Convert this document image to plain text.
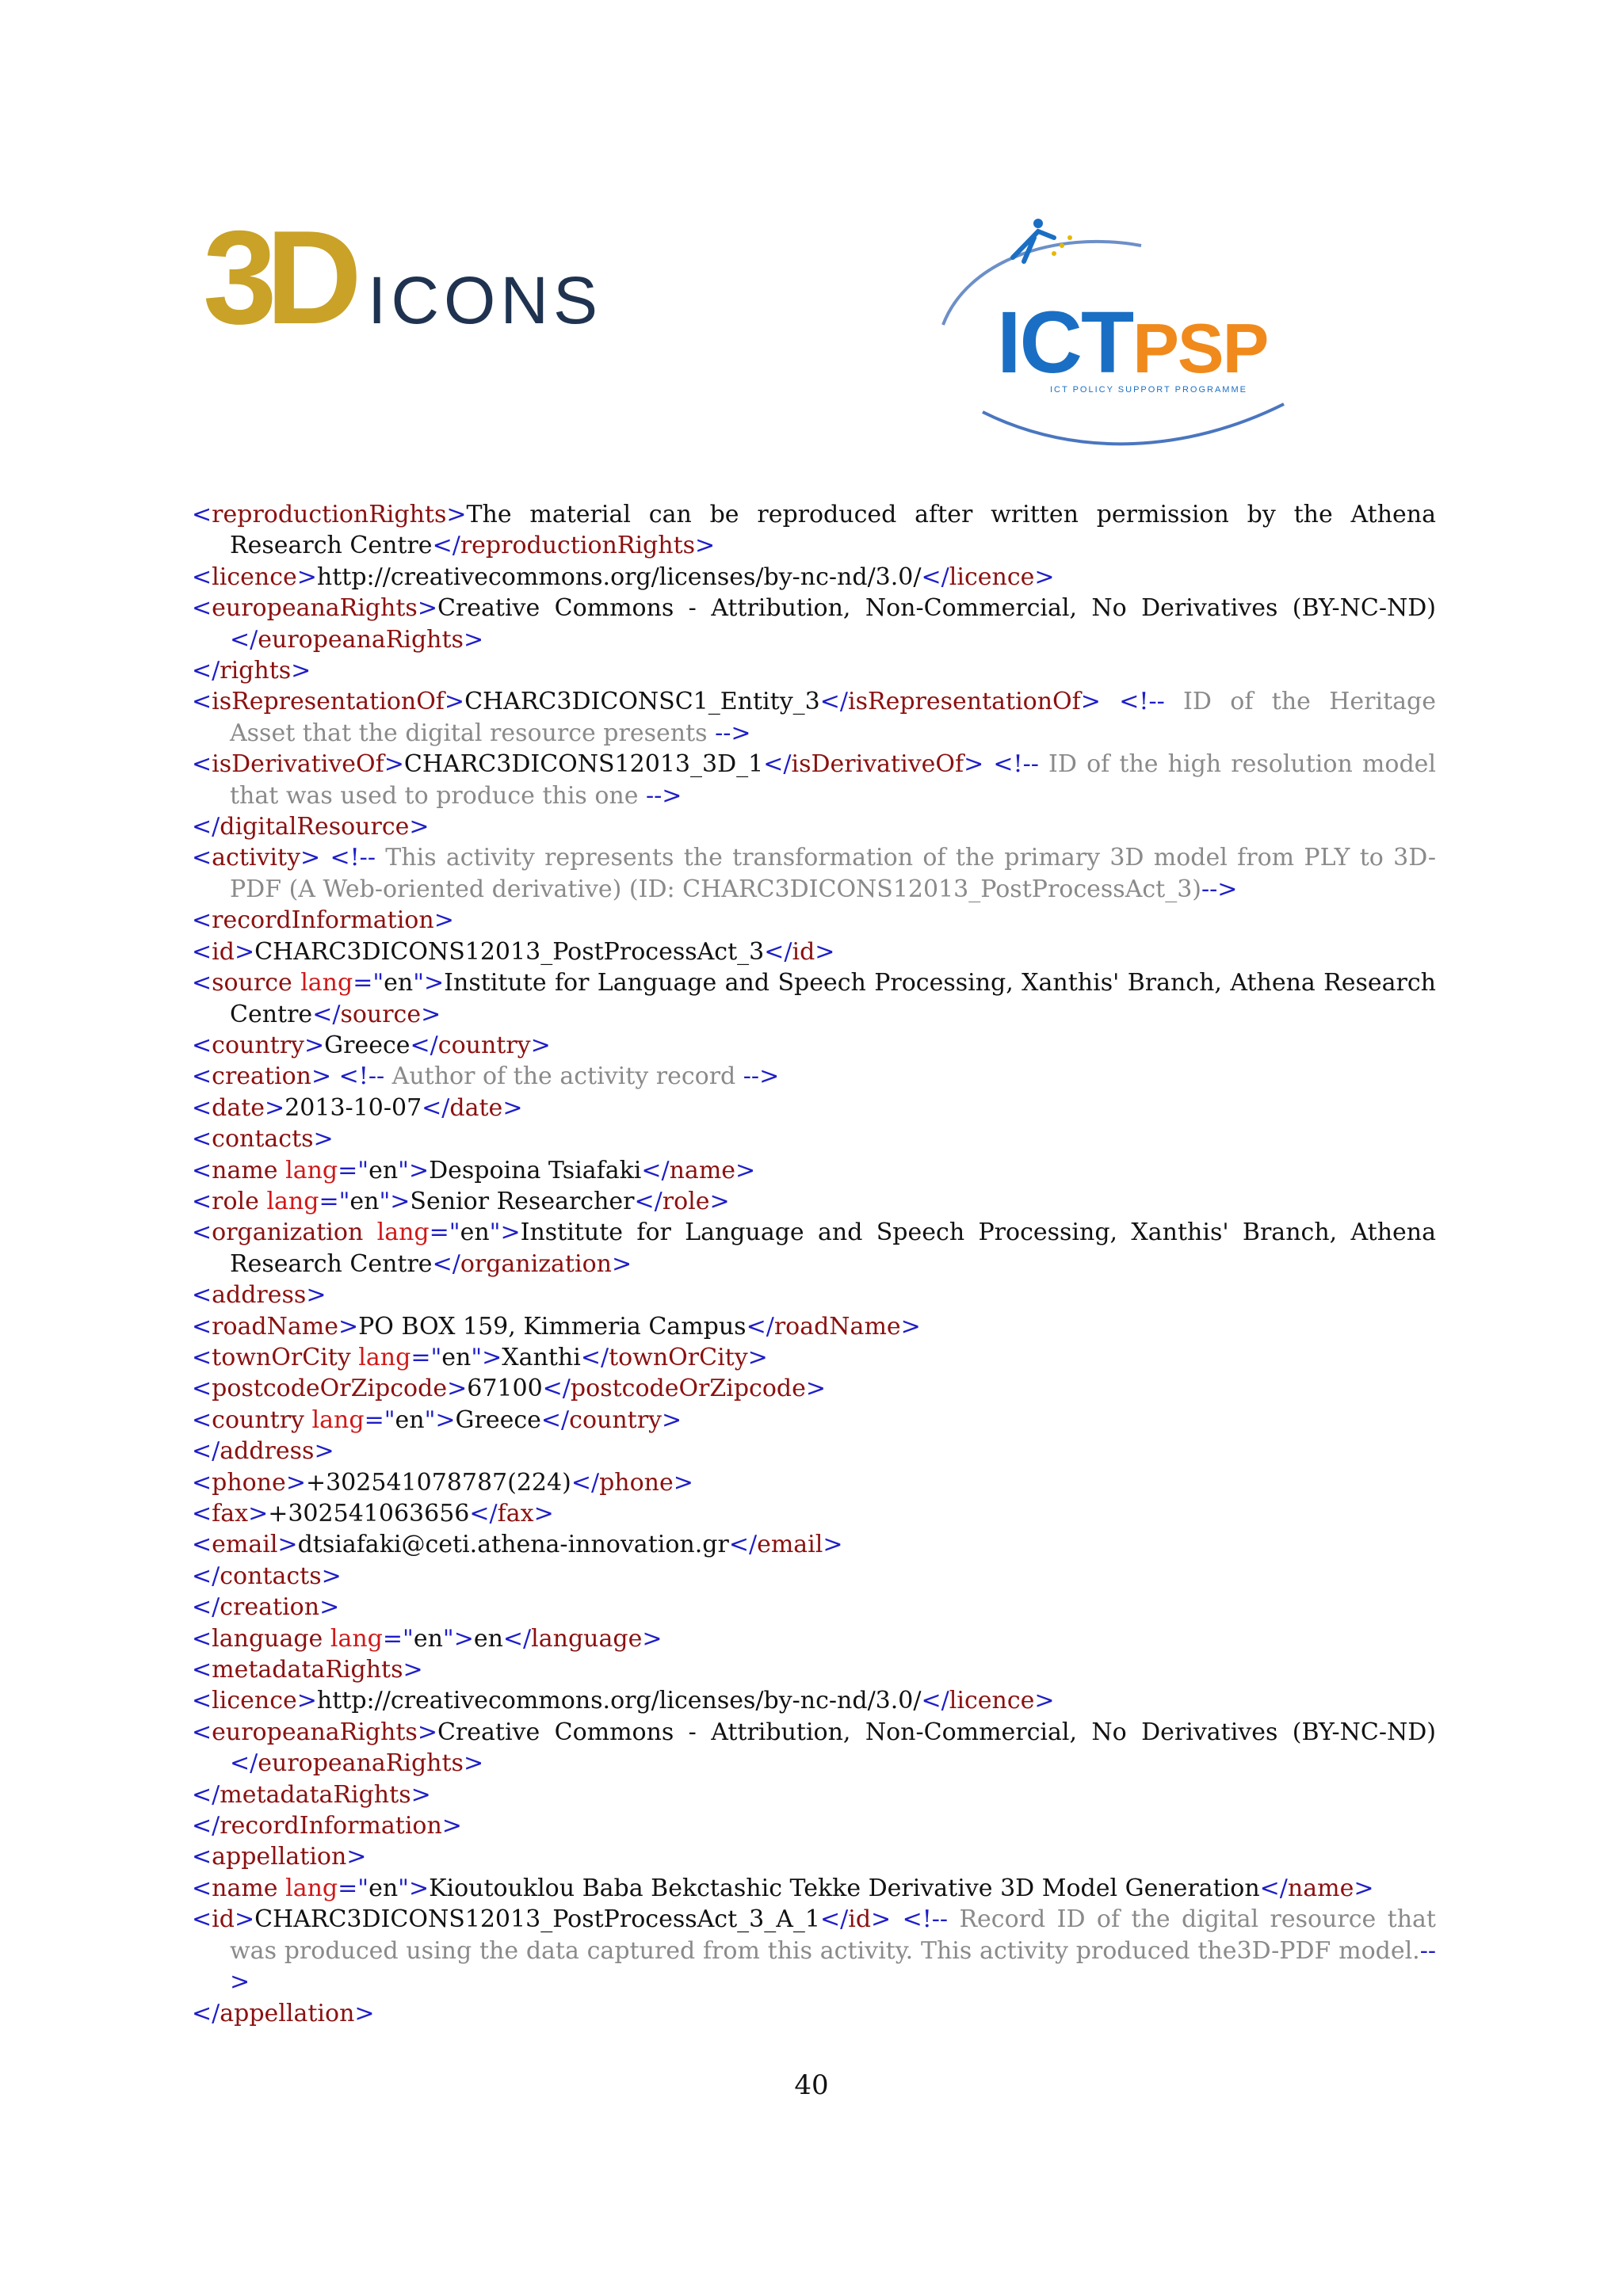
3D ICONS	ICTPSP
ICT POLICY SUPPORT PROGRAMME
<reproductionRights>The material can be reproduced after written permission by the Athena Research Centre</reproductionRights>
<licence>http://creativecommons.org/licenses/by-nc-nd/3.0/</licence>
<europeanaRights>Creative Commons - Attribution, Non-Commercial, No Derivatives (BY-NC-ND)</europeanaRights>
</rights>
<isRepresentationOf>CHARC3DICONSC1_Entity_3</isRepresentationOf> <!-- ID of the Heritage Asset that the digital resource presents -->
<isDerivativeOf>CHARC3DICONS12013_3D_1</isDerivativeOf> <!-- ID of the high resolution model that was used to produce this one -->
</digitalResource>
<activity> <!-- This activity represents the transformation of the primary 3D model from PLY to 3D-PDF (A Web-oriented derivative) (ID: CHARC3DICONS12013_PostProcessAct_3)-->
<recordInformation>
<id>CHARC3DICONS12013_PostProcessAct_3</id>
<source lang="en">Institute for Language and Speech Processing, Xanthis' Branch, Athena Research Centre</source>
<country>Greece</country>
<creation> <!-- Author of the activity record -->
<date>2013-10-07</date>
<contacts>
<name lang="en">Despoina Tsiafaki</name>
<role lang="en">Senior Researcher</role>
<organization lang="en">Institute for Language and Speech Processing, Xanthis' Branch, Athena Research Centre</organization>
<address>
<roadName>PO BOX 159, Kimmeria Campus</roadName>
<townOrCity lang="en">Xanthi</townOrCity>
<postcodeOrZipcode>67100</postcodeOrZipcode>
<country lang="en">Greece</country>
</address>
<phone>+302541078787(224)</phone>
<fax>+302541063656</fax>
<email>dtsiafaki@ceti.athena-innovation.gr</email>
</contacts>
</creation>
<language lang="en">en</language>
<metadataRights>
<licence>http://creativecommons.org/licenses/by-nc-nd/3.0/</licence>
<europeanaRights>Creative Commons - Attribution, Non-Commercial, No Derivatives (BY-NC-ND)</europeanaRights>
</metadataRights>
</recordInformation>
<appellation>
<name lang="en">Kioutouklou Baba Bekctashic Tekke Derivative 3D Model Generation</name>
<id>CHARC3DICONS12013_PostProcessAct_3_A_1</id> <!-- Record ID of the digital resource that was produced using the data captured from this activity. This activity produced the3D-PDF model.-->
</appellation>
40
